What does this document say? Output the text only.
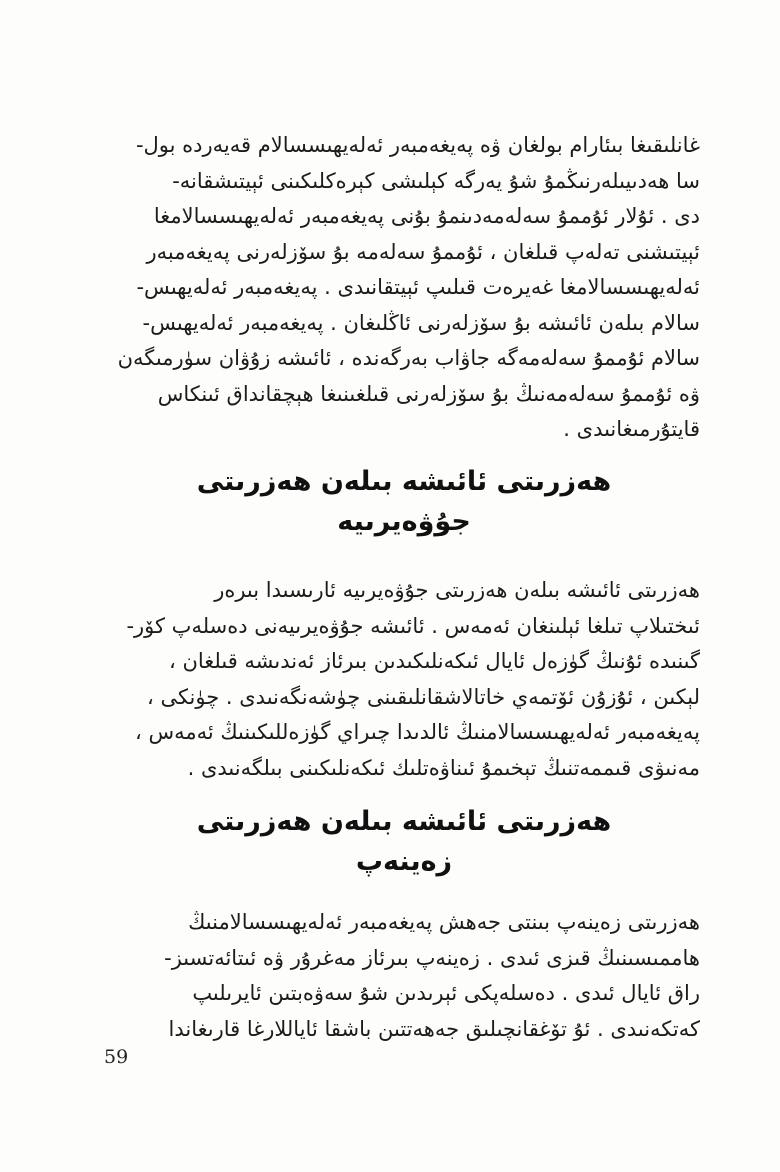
غانلىقىغا بىئارام بولغان ۋە پەيغەمبەر ئەلەيھىسسالام قەيەردە بول-
سا ھەدىيىلەرنىڭمۇ شۇ يەرگە كېلىشى كېرەكلىكىنى ئېيتىشقانە-
دى . ئۇلار ئۇممۇ سەلەمەدىنمۇ بۇنى پەيغەمبەر ئەلەيھىسسالامغا
ئېيتىشنى تەلەپ قىلغان ، ئۇممۇ سەلەمە بۇ سۆزلەرنى پەيغەمبەر
ئەلەيھىسسالامغا غەيرەت قىلىپ ئېيتقانىدى . پەيغەمبەر ئەلەيھىس-
سالام بىلەن ئائىشە بۇ سۆزلەرنى ئاڭلىغان . پەيغەمبەر ئەلەيھىس-
سالام ئۇممۇ سەلەمەگە جاۋاب بەرگەندە ، ئائىشە زۇۋان سۈرمىگەن
ۋە ئۇممۇ سەلەمەنىڭ بۇ سۆزلەرنى قىلغىنىغا ھېچقانداق ئىنكاس
قايتۇرمىغانىدى .
ھەزرىتى ئائىشە بىلەن ھەزرىتى
جۇۋەيرىيە
ھەزرىتى ئائىشە بىلەن ھەزرىتى جۇۋەيرىيە ئارىسىدا بىرەر
ئىختىلاپ تىلغا ئېلىنغان ئەمەس . ئائىشە جۇۋەيرىيەنى دەسلەپ كۆر-
گىنىدە ئۇنىڭ گۈزەل ئايال ئىكەنلىكىدىن بىرئاز ئەندىشە قىلغان ،
لېكىن ، ئۇزۇن ئۆتمەي خاتالاشقانلىقىنى چۈشەنگەنىدى . چۈنكى ،
پەيغەمبەر ئەلەيھىسسالامنىڭ ئالدىدا چىراي گۈزەللىكىنىڭ ئەمەس ،
مەنىۋى قىممەتنىڭ تېخىمۇ ئىناۋەتلىك ئىكەنلىكىنى بىلگەنىدى .
ھەزرىتى ئائىشە بىلەن ھەزرىتى
زەينەپ
ھەزرىتى زەينەپ بىنتى جەھش پەيغەمبەر ئەلەيھىسسالامنىڭ
ھاممىسىنىڭ قىزى ئىدى . زەينەپ بىرئاز مەغرۇر ۋە ئىتائەتسىز-
راق ئايال ئىدى . دەسلەپكى ئېرىدىن شۇ سەۋەبتىن ئايرىلىپ
كەتكەنىدى . ئۇ تۆغقانچىلىق جەھەتتىن باشقا ئاياللارغا قارىغاندا
59
